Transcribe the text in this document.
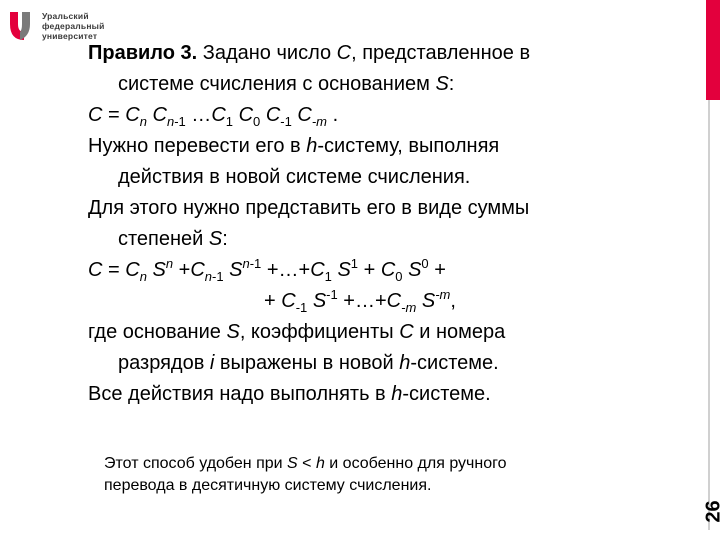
Уральский
федеральный
университет
26

Правило 3. Задано число C, представленное в

системе счисления с основанием S:

$C = C_n$ $C_{n-1}$ $\dots C_1$ $C_0$ $C_{-1}$ $C_{-m}$ .

Нужно перевести его в h-систему, выполняя

действия в новой системе счисления.

Для этого нужно представить его в виде суммы

степеней S:

$C = C_n$ $S^n +C_{n-1}$ $S^{n-1}$ $+\dots+C_1$ $S^1 + C_0$ $S^0$ +

+ $C_{-1}$ $S^{-1}$ $+\dots+C_{-m}$ $S^{-m}$,

где основание S, коэффициенты C и номера

разрядов i выражены в новой h-системе.

Все действия надо выполнять в h-системе.

Этот способ удобен при S < h и особенно для ручного
перевода в десятичную систему счисления.
